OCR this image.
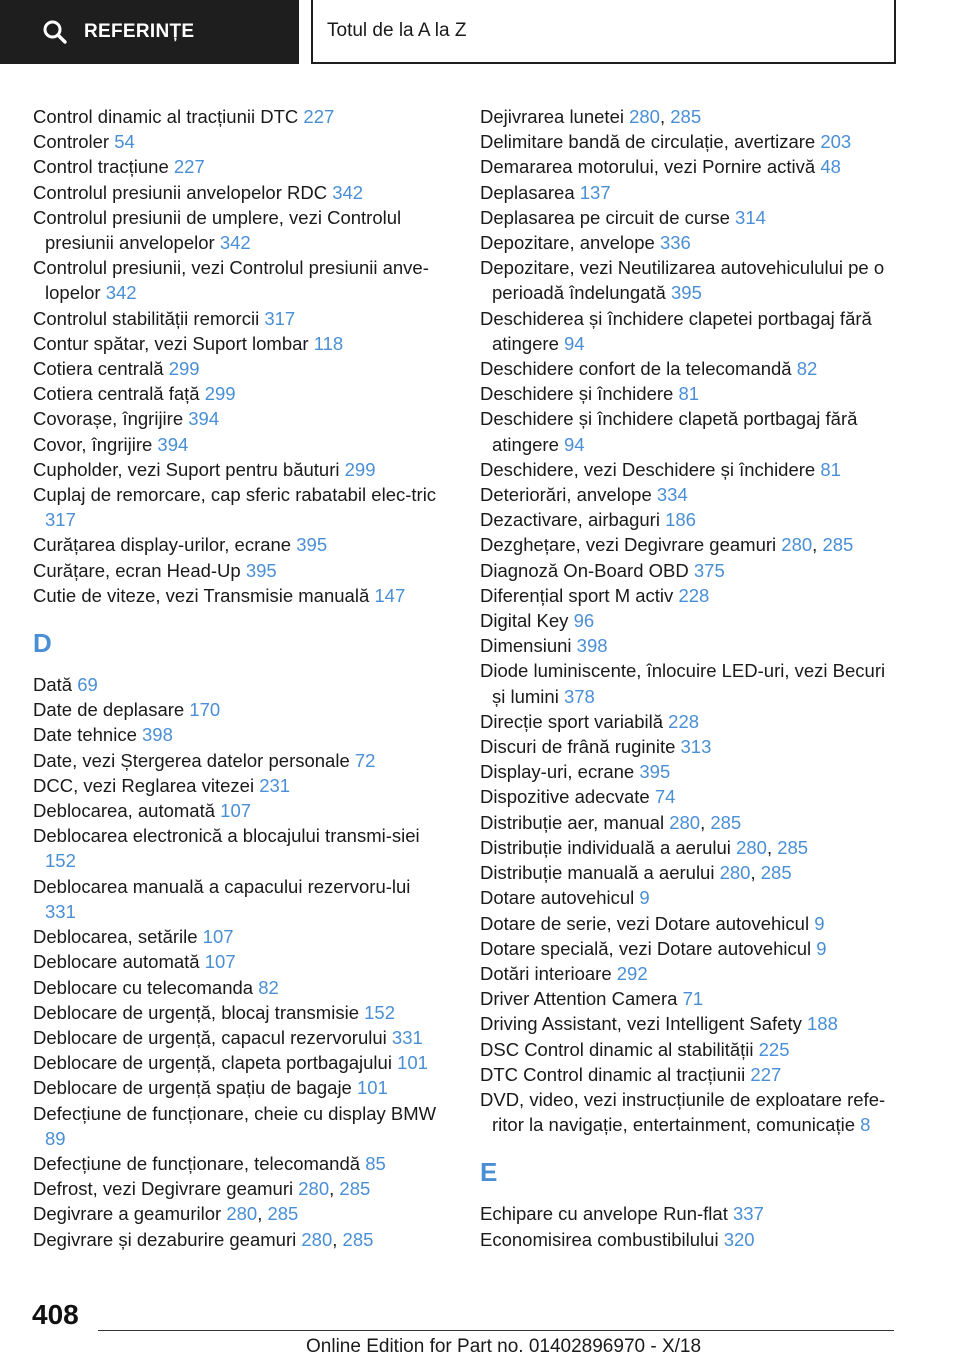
REFERINȚE	Totul de la A la Z
Control dinamic al tracțiunii DTC 227
Controler 54
Control tracțiune 227
Controlul presiunii anvelopelor RDC 342
Controlul presiunii de umplere, vezi Controlul presiunii anvelopelor 342
Controlul presiunii, vezi Controlul presiunii anve-lopelor 342
Controlul stabilității remorcii 317
Contur spătar, vezi Suport lombar 118
Cotiera centrală 299
Cotiera centrală față 299
Covorașe, îngrijire 394
Covor, îngrijire 394
Cupholder, vezi Suport pentru băuturi 299
Cuplaj de remorcare, cap sferic rabatabil elec-tric 317
Curățarea display-urilor, ecrane 395
Curățare, ecran Head-Up 395
Cutie de viteze, vezi Transmisie manuală 147
D
Dată 69
Date de deplasare 170
Date tehnice 398
Date, vezi Ștergerea datelor personale 72
DCC, vezi Reglarea vitezei 231
Deblocarea, automată 107
Deblocarea electronică a blocajului transmi-siei 152
Deblocarea manuală a capacului rezervoru-lui 331
Deblocarea, setările 107
Deblocare automată 107
Deblocare cu telecomanda 82
Deblocare de urgență, blocaj transmisie 152
Deblocare de urgență, capacul rezervorului 331
Deblocare de urgență, clapeta portbagajului 101
Deblocare de urgență spațiu de bagaje 101
Defecțiune de funcționare, cheie cu display BMW 89
Defecțiune de funcționare, telecomandă 85
Defrost, vezi Degivrare geamuri 280, 285
Degivrare a geamurilor 280, 285
Degivrare și dezaburire geamuri 280, 285
Dejivrarea lunetei 280, 285
Delimitare bandă de circulație, avertizare 203
Demararea motorului, vezi Pornire activă 48
Deplasarea 137
Deplasarea pe circuit de curse 314
Depozitare, anvelope 336
Depozitare, vezi Neutilizarea autovehiculului pe o perioadă îndelungată 395
Deschiderea și închidere clapetei portbagaj fără atingere 94
Deschidere confort de la telecomandă 82
Deschidere și închidere 81
Deschidere și închidere clapetă portbagaj fără atingere 94
Deschidere, vezi Deschidere și închidere 81
Deteriorări, anvelope 334
Dezactivare, airbaguri 186
Dezghețare, vezi Degivrare geamuri 280, 285
Diagnoză On-Board OBD 375
Diferențial sport M activ 228
Digital Key 96
Dimensiuni 398
Diode luminiscente, înlocuire LED-uri, vezi Becuri și lumini 378
Direcție sport variabilă 228
Discuri de frână ruginite 313
Display-uri, ecrane 395
Dispozitive adecvate 74
Distribuție aer, manual 280, 285
Distribuție individuală a aerului 280, 285
Distribuție manuală a aerului 280, 285
Dotare autovehicul 9
Dotare de serie, vezi Dotare autovehicul 9
Dotare specială, vezi Dotare autovehicul 9
Dotări interioare 292
Driver Attention Camera 71
Driving Assistant, vezi Intelligent Safety 188
DSC Control dinamic al stabilității 225
DTC Control dinamic al tracțiunii 227
DVD, video, vezi instrucțiunile de exploatare refe-ritor la navigație, entertainment, comunicație 8
E
Echipare cu anvelope Run-flat 337
Economisirea combustibilului 320
408
Online Edition for Part no. 01402896970 - X/18
